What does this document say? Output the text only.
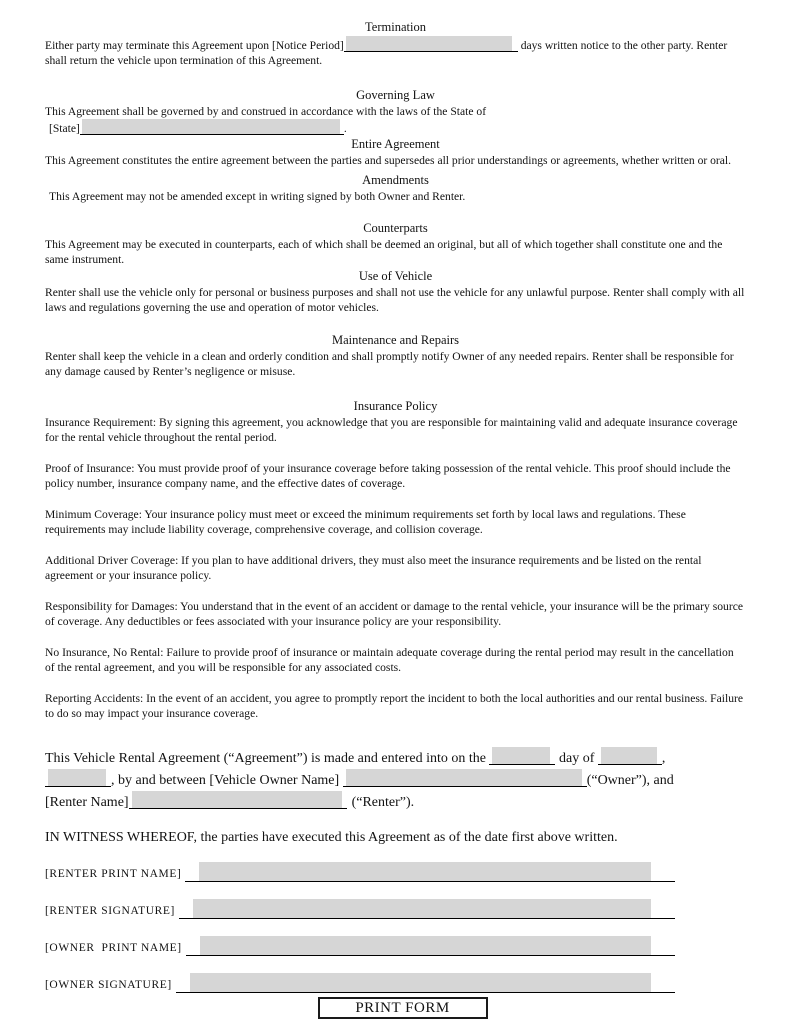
Termination
Either party may terminate this Agreement upon [Notice Period]	days written notice to the other party. Renter shall return the vehicle upon termination of this Agreement.
Governing Law
This Agreement shall be governed by and construed in accordance with the laws of the State of
[State]	.
Entire Agreement
This Agreement constitutes the entire agreement between the parties and supersedes all prior understandings or agreements, whether written or oral.
Amendments
This Agreement may not be amended except in writing signed by both Owner and Renter.
Counterparts
This Agreement may be executed in counterparts, each of which shall be deemed an original, but all of which together shall constitute one and the same instrument.
Use of Vehicle
Renter shall use the vehicle only for personal or business purposes and shall not use the vehicle for any unlawful purpose. Renter shall comply with all laws and regulations governing the use and operation of motor vehicles.
Maintenance and Repairs
Renter shall keep the vehicle in a clean and orderly condition and shall promptly notify Owner of any needed repairs. Renter shall be responsible for any damage caused by Renter’s negligence or misuse.
Insurance Policy
Insurance Requirement: By signing this agreement, you acknowledge that you are responsible for maintaining valid and adequate insurance coverage for the rental vehicle throughout the rental period.
Proof of Insurance: You must provide proof of your insurance coverage before taking possession of the rental vehicle. This proof should include the policy number, insurance company name, and the effective dates of coverage.
Minimum Coverage: Your insurance policy must meet or exceed the minimum requirements set forth by local laws and regulations. These requirements may include liability coverage, comprehensive coverage, and collision coverage.
Additional Driver Coverage: If you plan to have additional drivers, they must also meet the insurance requirements and be listed on the rental agreement or your insurance policy.
Responsibility for Damages: You understand that in the event of an accident or damage to the rental vehicle, your insurance will be the primary source of coverage. Any deductibles or fees associated with your insurance policy are your responsibility.
No Insurance, No Rental: Failure to provide proof of insurance or maintain adequate coverage during the rental period may result in the cancellation of the rental agreement, and you will be responsible for any associated costs.
Reporting Accidents: In the event of an accident, you agree to promptly report the incident to both the local authorities and our rental business. Failure to do so may impact your insurance coverage.
This Vehicle Rental Agreement (“Agreement”) is made and entered into on the	day of	,
, by and between [Vehicle Owner Name]	(“Owner”), and
[Renter Name]	(“Renter”).
IN WITNESS WHEREOF, the parties have executed this Agreement as of the date first above written.
[RENTER PRINT NAME]
[RENTER SIGNATURE]
[OWNER  PRINT NAME]
[OWNER SIGNATURE]
PRINT FORM
